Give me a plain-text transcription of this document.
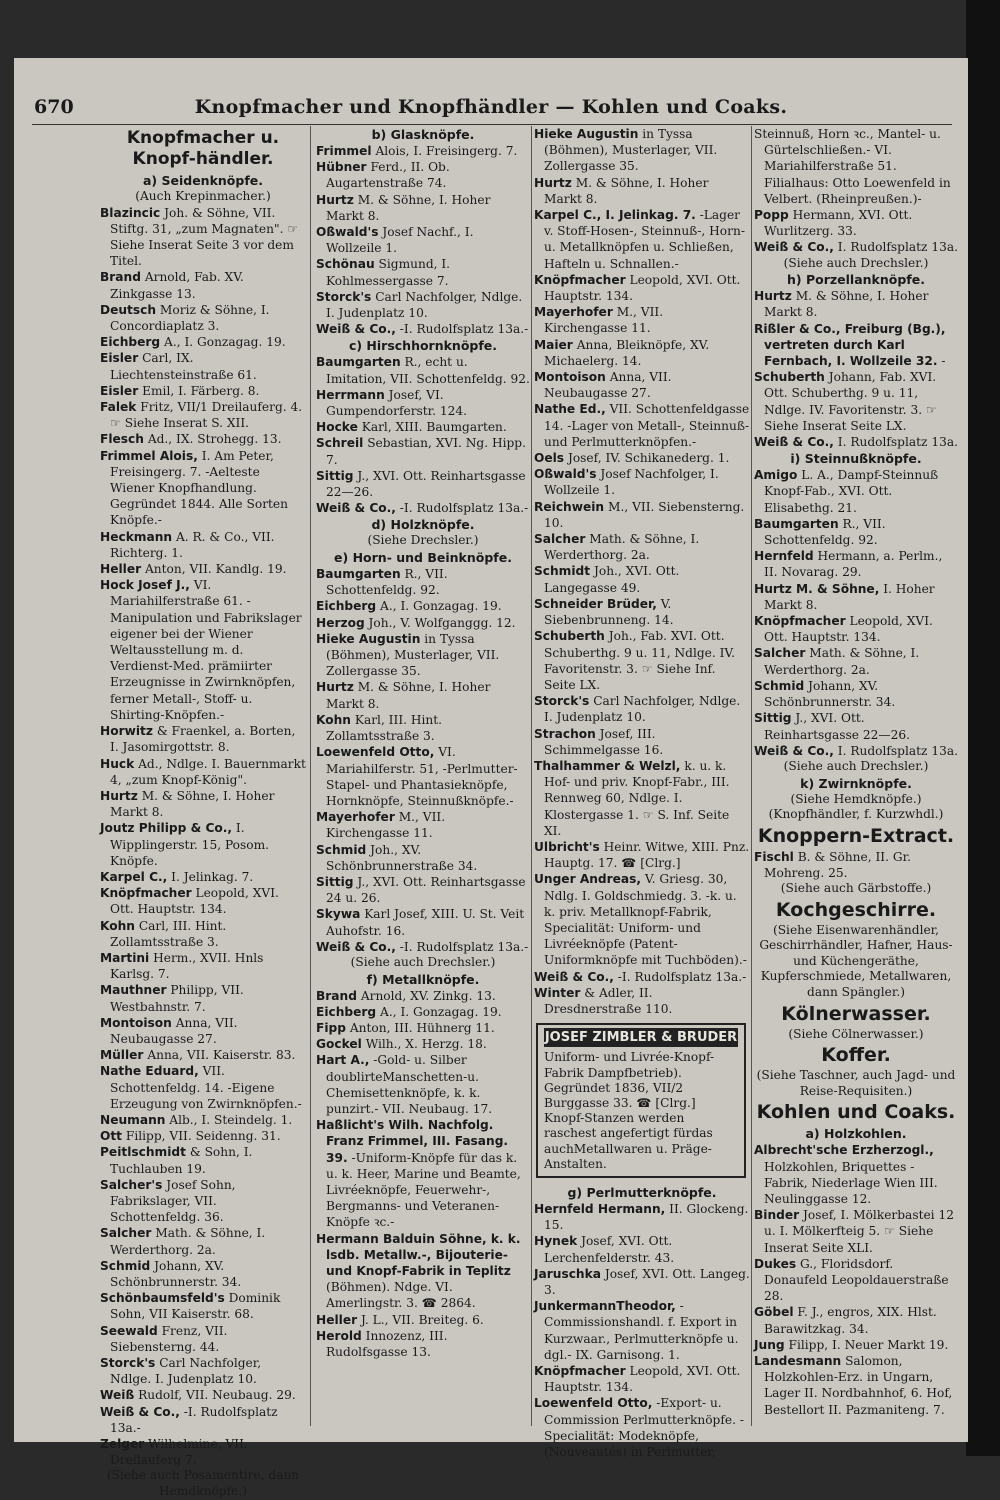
670	Knopfmacher und Knopfhändler — Kohlen und Coaks.
Knopfmacher u. Knopf-händler.
a) Seidenknöpfe.
(Auch Krepinmacher.)

Blazincic Joh. & Söhne, VII. Stiftg. 31, „zum Magnaten". ☞ Siehe Inserat Seite 3 vor dem Titel.

Brand Arnold, Fab. XV. Zinkgasse 13.

Deutsch Moriz & Söhne, I. Concordiaplatz 3.

Eichberg A., I. Gonzagag. 19.

Eisler Carl, IX. Liechtensteinstraße 61.

Eisler Emil, I. Färberg. 8.

Falek Fritz, VII/1 Dreilauferg. 4. ☞ Siehe Inserat S. XII.

Flesch Ad., IX. Strohegg. 13.

Frimmel Alois, I. Am Peter, Freisingerg. 7. -Aelteste Wiener Knopfhandlung. Gegründet 1844. Alle Sorten Knöpfe.-

Heckmann A. R. & Co., VII. Richterg. 1.

Heller Anton, VII. Kandlg. 19.

Hock Josef J., VI. Mariahilferstraße 61. -Manipulation und Fabrikslager eigener bei der Wiener Weltausstellung m. d. Verdienst-Med. prämiirter Erzeugnisse in Zwirnknöpfen, ferner Metall-, Stoff- u. Shirting-Knöpfen.-

Horwitz & Fraenkel, a. Borten, I. Jasomirgottstr. 8.

Huck Ad., Ndlge. I. Bauernmarkt 4, „zum Knopf-König".

Hurtz M. & Söhne, I. Hoher Markt 8.

Joutz Philipp & Co., I. Wipplingerstr. 15, Posom. Knöpfe.

Karpel C., I. Jelinkag. 7.

Knöpfmacher Leopold, XVI. Ott. Hauptstr. 134.

Kohn Carl, III. Hint. Zollamtsstraße 3.

Martini Herm., XVII. Hnls Karlsg. 7.

Mauthner Philipp, VII. Westbahnstr. 7.

Montoison Anna, VII. Neubaugasse 27.

Müller Anna, VII. Kaiserstr. 83.

Nathe Eduard, VII. Schottenfeldg. 14. -Eigene Erzeugung von Zwirnknöpfen.-

Neumann Alb., I. Steindelg. 1.

Ott Filipp, VII. Seidenng. 31.

Peitlschmidt & Sohn, I. Tuchlauben 19.

Salcher's Josef Sohn, Fabrikslager, VII. Schottenfeldg. 36.

Salcher Math. & Söhne, I. Werderthorg. 2a.

Schmid Johann, XV. Schönbrunnerstr. 34.

Schönbaumsfeld's Dominik Sohn, VII Kaiserstr. 68.

Seewald Frenz, VII. Siebensterng. 44.

Storck's Carl Nachfolger, Ndlge. I. Judenplatz 10.

Weiß Rudolf, VII. Neubaug. 29.

Weiß & Co., -I. Rudolfsplatz 13a.-

Zelger Wilhelmine, VII. Dreilauferg 7.

(Siehe auch Posamentire, dann Hemdknöpfe.)
b) Glasknöpfe.

Frimmel Alois, I. Freisingerg. 7.

Hübner Ferd., II. Ob. Augartenstraße 74.

Hurtz M. & Söhne, I. Hoher Markt 8.

Oßwald's Josef Nachf., I. Wollzeile 1.

Schönau Sigmund, I. Kohlmessergasse 7.

Storck's Carl Nachfolger, Ndlge. I. Judenplatz 10.

Weiß & Co., -I. Rudolfsplatz 13a.-

c) Hirschhornknöpfe.

Baumgarten R., echt u. Imitation, VII. Schottenfeldg. 92.

Herrmann Josef, VI. Gumpendorferstr. 124.

Hocke Karl, XIII. Baumgarten.

Schreil Sebastian, XVI. Ng. Hipp. 7.

Sittig J., XVI. Ott. Reinhartsgasse 22—26.

Weiß & Co., -I. Rudolfsplatz 13a.-

d) Holzknöpfe.
(Siehe Drechsler.)
e) Horn- und Beinknöpfe.

Baumgarten R., VII. Schottenfeldg. 92.

Eichberg A., I. Gonzagag. 19.

Herzog Joh., V. Wolfganggg. 12.

Hieke Augustin in Tyssa (Böhmen), Musterlager, VII. Zollergasse 35.

Hurtz M. & Söhne, I. Hoher Markt 8.

Kohn Karl, III. Hint. Zollamtsstraße 3.

Loewenfeld Otto, VI. Mariahilferstr. 51, -Perlmutter-Stapel- und Phantasieknöpfe, Hornknöpfe, Steinnußknöpfe.-

Mayerhofer M., VII. Kirchengasse 11.

Schmid Joh., XV. Schönbrunnerstraße 34.

Sittig J., XVI. Ott. Reinhartsgasse 24 u. 26.

Skywa Karl Josef, XIII. U. St. Veit Auhofstr. 16.

Weiß & Co., -I. Rudolfsplatz 13a.-

(Siehe auch Drechsler.)
f) Metallknöpfe.

Brand Arnold, XV. Zinkg. 13.

Eichberg A., I. Gonzagag. 19.

Fipp Anton, III. Hühnerg 11.

Gockel Wilh., X. Herzg. 18.

Hart A., -Gold- u. Silber doublirteManschetten-u. Chemisettenknöpfe, k. k. punzirt.- VII. Neubaug. 17.

Haßlicht's Wilh. Nachfolg. Franz Frimmel, III. Fasang. 39. -Uniform-Knöpfe für das k. u. k. Heer, Marine und Beamte, Livréeknöpfe, Feuerwehr-, Bergmanns- und Veteranen-Knöpfe ꝛc.-

Hermann Balduin Söhne, k. k. lsdb. Metallw.-, Bijouterie- und Knopf-Fabrik in Teplitz (Böhmen). Ndge. VI. Amerlingstr. 3. ☎ 2864.

Heller J. L., VII. Breiteg. 6.

Herold Innozenz, III. Rudolfsgasse 13.

Hieke Augustin in Tyssa (Böhmen), Musterlager, VII. Zollergasse 35.

Hurtz M. & Söhne, I. Hoher Markt 8.

Karpel C., I. Jelinkag. 7. -Lager v. Stoff-Hosen-, Steinnuß-, Horn- u. Metallknöpfen u. Schließen, Hafteln u. Schnallen.-

Knöpfmacher Leopold, XVI. Ott. Hauptstr. 134.

Mayerhofer M., VII. Kirchengasse 11.

Maier Anna, Bleiknöpfe, XV. Michaelerg. 14.

Montoison Anna, VII. Neubaugasse 27.

Nathe Ed., VII. Schottenfeldgasse 14. -Lager von Metall-, Steinnuß- und Perlmutterknöpfen.-

Oels Josef, IV. Schikanederg. 1.

Oßwald's Josef Nachfolger, I. Wollzeile 1.

Reichwein M., VII. Siebensterng. 10.

Salcher Math. & Söhne, I. Werderthorg. 2a.

Schmidt Joh., XVI. Ott. Langegasse 49.

Schneider Brüder, V. Siebenbrunneng. 14.

Schuberth Joh., Fab. XVI. Ott. Schuberthg. 9 u. 11, Ndlge. IV. Favoritenstr. 3. ☞ Siehe Inf. Seite LX.

Storck's Carl Nachfolger, Ndlge. I. Judenplatz 10.

Strachon Josef, III. Schimmelgasse 16.

Thalhammer & Welzl, k. u. k. Hof- und priv. Knopf-Fabr., III. Rennweg 60, Ndlge. I. Klostergasse 1. ☞ S. Inf. Seite XI.

Ulbricht's Heinr. Witwe, XIII. Pnz. Hauptg. 17. ☎ [Clrg.]

Unger Andreas, V. Griesg. 30, Ndlg. I. Goldschmiedg. 3. -k. u. k. priv. Metallknopf-Fabrik, Specialität: Uniform- und Livréeknöpfe (Patent- Uniformknöpfe mit Tuchböden).-

Weiß & Co., -I. Rudolfsplatz 13a.-

Winter & Adler, II. Dresdnerstraße 110.

JOSEF ZIMBLER & BRUDER
Uniform- und Livrée-Knopf-Fabrik Dampfbetrieb). Gegründet 1836, VII/2 Burggasse 33. ☎ [Clrg.] Knopf-Stanzen werden raschest angefertigt fürdas auchMetallwaren u. Präge-Anstalten.
g) Perlmutterknöpfe.

Hernfeld Hermann, II. Glockeng. 15.

Hynek Josef, XVI. Ott. Lerchenfelderstr. 43.

Jaruschka Josef, XVI. Ott. Langeg. 3.

JunkermannTheodor, -Commissionshandl. f. Export in Kurzwaar., Perlmutterknöpfe u. dgl.- IX. Garnisong. 1.

Knöpfmacher Leopold, XVI. Ott. Hauptstr. 134.

Loewenfeld Otto, -Export- u. Commission Perlmutterknöpfe. -Specialität: Modeknöpfe, (Nouveautés) in Perlmutter,

Steinnuß, Horn ꝛc., Mantel- u. Gürtelschließen.- VI. Mariahilferstraße 51. Filialhaus: Otto Loewenfeld in Velbert. (Rheinpreußen.)-

Popp Hermann, XVI. Ott. Wurlitzerg. 33.

Weiß & Co., I. Rudolfsplatz 13a.

(Siehe auch Drechsler.)
h) Porzellanknöpfe.

Hurtz M. & Söhne, I. Hoher Markt 8.

Rißler & Co., Freiburg (Bg.), vertreten durch Karl Fernbach, I. Wollzeile 32. -

Schuberth Johann, Fab. XVI. Ott. Schuberthg. 9 u. 11, Ndlge. IV. Favoritenstr. 3. ☞ Siehe Inserat Seite LX.

Weiß & Co., I. Rudolfsplatz 13a.

i) Steinnußknöpfe.

Amigo L. A., Dampf-Steinnuß Knopf-Fab., XVI. Ott. Elisabethg. 21.

Baumgarten R., VII. Schottenfeldg. 92.

Hernfeld Hermann, a. Perlm., II. Novarag. 29.

Hurtz M. & Söhne, I. Hoher Markt 8.

Knöpfmacher Leopold, XVI. Ott. Hauptstr. 134.

Salcher Math. & Söhne, I. Werderthorg. 2a.

Schmid Johann, XV. Schönbrunnerstr. 34.

Sittig J., XVI. Ott. Reinhartsgasse 22—26.

Weiß & Co., I. Rudolfsplatz 13a.

(Siehe auch Drechsler.)
k) Zwirnknöpfe.
(Siehe Hemdknöpfe.)
(Knopfhändler, f. Kurzwhdl.)
Knoppern-Extract.

Fischl B. & Söhne, II. Gr. Mohreng. 25.

(Siehe auch Gärbstoffe.)
Kochgeschirre.
(Siehe Eisenwarenhändler, Geschirrhändler, Hafner, Haus- und Küchengeräthe, Kupferschmiede, Metallwaren, dann Spängler.)
Kölnerwasser.
(Siehe Cölnerwasser.)
Koffer.
(Siehe Taschner, auch Jagd- und Reise-Requisiten.)
Kohlen und Coaks.
a) Holzkohlen.

Albrecht'sche Erzherzogl., Holzkohlen, Briquettes -Fabrik, Niederlage Wien III. Neulinggasse 12.

Binder Josef, I. Mölkerbastei 12 u. I. Mölkerfteig 5. ☞ Siehe Inserat Seite XLI.

Dukes G., Floridsdorf. Donaufeld Leopoldauerstraße 28.

Göbel F. J., engros, XIX. Hlst. Barawitzkag. 34.

Jung Filipp, I. Neuer Markt 19.

Landesmann Salomon, Holzkohlen-Erz. in Ungarn, Lager II. Nordbahnhof, 6. Hof, Bestellort II. Pazmaniteng. 7.
